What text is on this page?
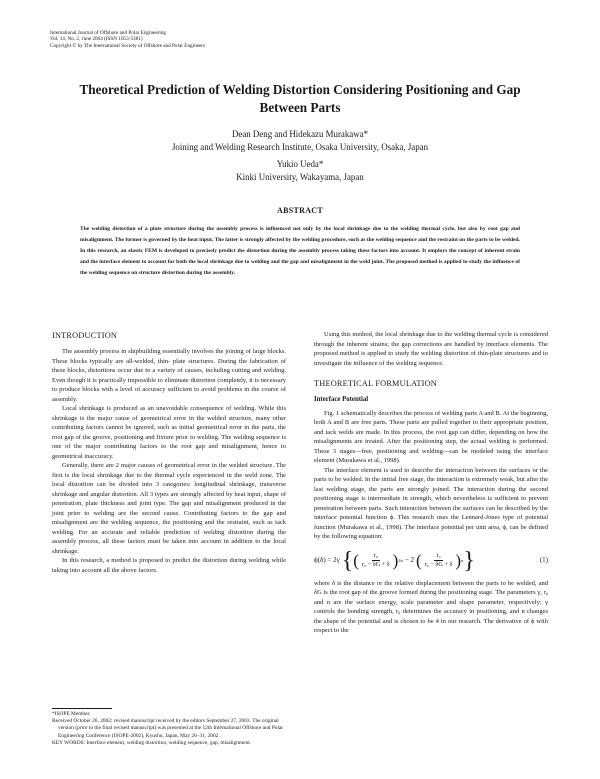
International Journal of Offshore and Polar Engineering
Vol. 14, No. 2, June 2004 (ISSN 1053-5381)
Copyright © by The International Society of Offshore and Polar Engineers
Theoretical Prediction of Welding Distortion Considering Positioning and Gap Between Parts
Dean Deng and Hidekazu Murakawa*
Joining and Welding Research Institute, Osaka University, Osaka, Japan
Yukio Ueda*
Kinki University, Wakayama, Japan
ABSTRACT
The welding distortion of a plate structure during the assembly process is influenced not only by the local shrinkage due to the welding thermal cycle, but also by root gap and misalignment. The former is governed by the heat input. The latter is strongly affected by the welding procedure, such as the welding sequence and the restraint on the parts to be welded. In this research, an elastic FEM is developed to precisely predict the distortion during the assembly process taking these factors into account. It employs the concept of inherent strain and the interface element to account for both the local shrinkage due to welding and the gap and misalignment in the weld joint. The proposed method is applied to study the influence of the welding sequence on structure distortion during the assembly.
INTRODUCTION

The assembly process in shipbuilding essentially involves the joining of large blocks. These blocks typically are all-welded, thin- plate structures. During the fabrication of these blocks, distortions occur due to a variety of causes, including cutting and welding. Even though it is practically impossible to eliminate distortion completely, it is necessary to produce blocks with a level of accuracy sufficient to avoid problems in the course of assembly.

Local shrinkage is produced as an unavoidable consequence of welding. While this shrinkage is the major cause of geometrical error in the welded structure, many other contributing factors cannot be ignored, such as initial geometrical error in the parts, the root gap of the groove, positioning and fixture prior to welding. The welding sequence is one of the major contributing factors to the root gap and misalignment, hence to geometrical inaccuracy.

Generally, there are 2 major causes of geometrical error in the welded structure. The first is the local shrinkage due to the thermal cycle experienced in the weld zone. The local distortion can be divided into 3 categories: longitudinal shrinkage, transverse shrinkage and angular distortion. All 3 types are strongly affected by heat input, shape of penetration, plate thickness and joint type. The gap and misalignment produced in the joint prior to welding are the second cause. Contributing factors to the gap and misalignment are the welding sequence, the positioning and the restraint, such as tack welding. For an accurate and reliable prediction of welding distortion during the assembly process, all these factors must be taken into account in addition to the local shrinkage.

In this research, a method is proposed to predict the distortion during welding while taking into account all the above factors.

*ISOPE Member.
Received October 26, 2002; revised manuscript received by the editors September 27, 2003. The original version (prior to the final revised manuscript) was presented at the 12th International Offshore and Polar Engineering Conference (ISOPE-2002), Kyushu, Japan, May 26–31, 2002.
KEY WORDS: Interface element, welding distortion, welding sequence, gap, misalignment.

Using this method, the local shrinkage due to the welding thermal cycle is considered through the inherent strains; the gap corrections are handled by interface elements. The proposed method is applied to study the welding distortion of thin-plate structures and to investigate the influence of the welding sequence.

THEORETICAL FORMULATION
Interface Potential

Fig. 1 schematically describes the process of welding parts A and B. At the beginning, both A and B are free parts. These parts are pulled together to their appropriate position, and tack welds are made. In this process, the root gap can differ, depending on how the misalignments are treated. After the positioning step, the actual welding is performed. These 3 stages—free, positioning and welding—can be modeled using the interface element (Murakawa et al., 1998).

The interface element is used to describe the interaction between the surfaces or the parts to be welded. In the initial free stage, the interaction is extremely weak, but after the last welding stage, the parts are strongly joined. The interaction during the second positioning stage is intermediate in strength, which nevertheless is sufficient to prevent penetration between parts. Such interaction between the surfaces can be described by the interface potential function ϕ. This research uses the Lennard-Jones type of potential function (Murakawa et al., 1998). The interface potential per unit area, ϕ, can be defined by the following equation:

ϕ(δ) = 2γ { ( $\frac{\text{r₀}}{\text{r₀ − δG + δ}}$ ) 2n − 2 ( $\frac{\text{r₀}}{\text{r₀ − δG + δ}}$ ) n }	(1)

where δ is the distance or the relative displacement between the parts to be welded, and δG is the root gap of the groove formed during the positioning stage. The parameters γ, r₀ and n are the surface energy, scale parameter and shape parameter, respectively; γ controls the bonding strength, r₀ determines the accuracy in positioning, and n changes the shape of the potential and is chosen to be 4 in our research. The derivative of ϕ with respect to the
